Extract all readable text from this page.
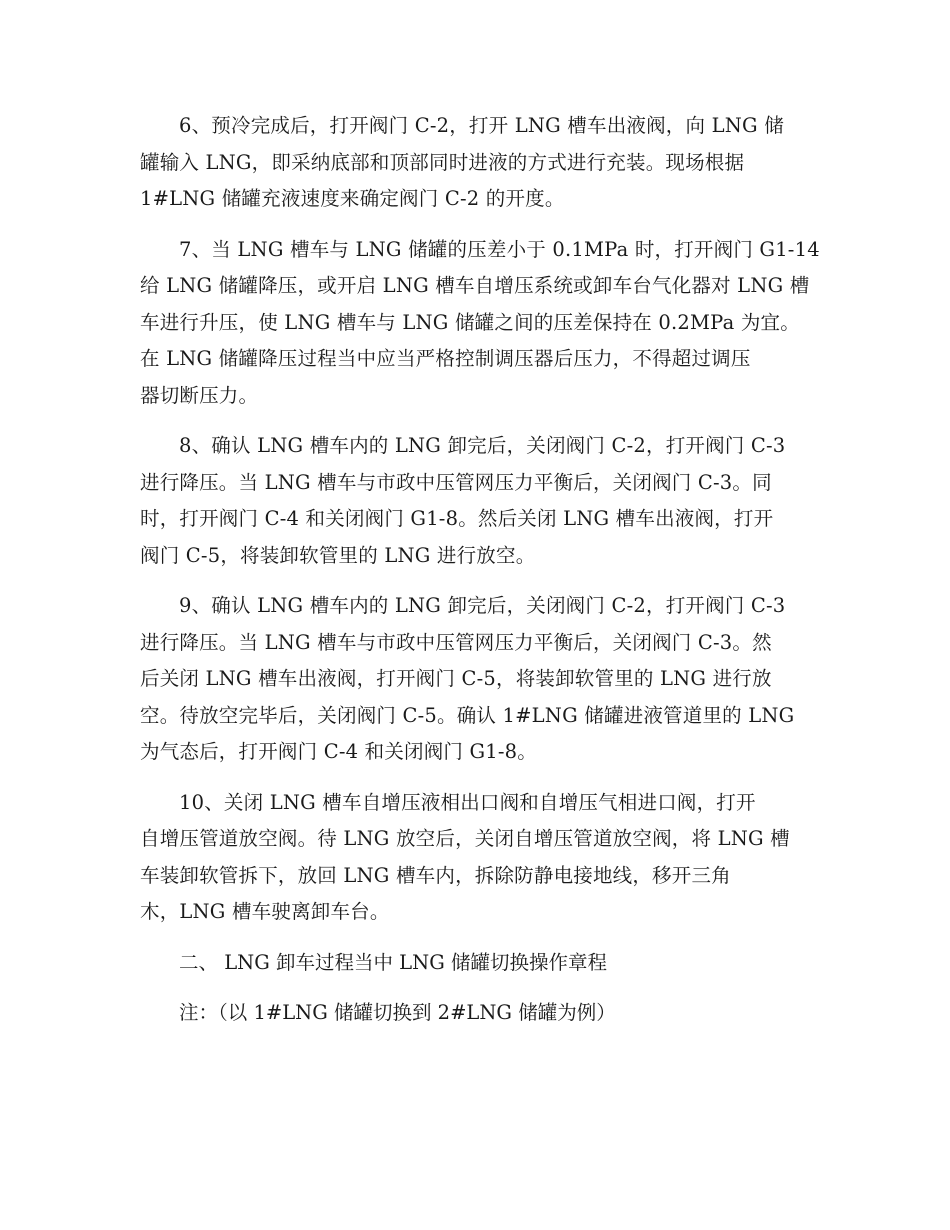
6、预冷完成后，打开阀门 C-2，打开 LNG 槽车出液阀，向 LNG 储
罐输入 LNG，即采纳底部和顶部同时进液的方式进行充装。现场根据
1#LNG 储罐充液速度来确定阀门 C-2 的开度。

7、当 LNG 槽车与 LNG 储罐的压差小于 0.1MPa 时，打开阀门 G1-14
给 LNG 储罐降压，或开启 LNG 槽车自增压系统或卸车台气化器对 LNG 槽
车进行升压，使 LNG 槽车与 LNG 储罐之间的压差保持在 0.2MPa 为宜。
在 LNG 储罐降压过程当中应当严格控制调压器后压力，不得超过调压
器切断压力。

8、确认 LNG 槽车内的 LNG 卸完后，关闭阀门 C-2，打开阀门 C-3
进行降压。当 LNG 槽车与市政中压管网压力平衡后，关闭阀门 C-3。同
时，打开阀门 C-4 和关闭阀门 G1-8。然后关闭 LNG 槽车出液阀，打开
阀门 C-5，将装卸软管里的 LNG 进行放空。

9、确认 LNG 槽车内的 LNG 卸完后，关闭阀门 C-2，打开阀门 C-3
进行降压。当 LNG 槽车与市政中压管网压力平衡后，关闭阀门 C-3。然
后关闭 LNG 槽车出液阀，打开阀门 C-5，将装卸软管里的 LNG 进行放
空。待放空完毕后，关闭阀门 C-5。确认 1#LNG 储罐进液管道里的 LNG
为气态后，打开阀门 C-4 和关闭阀门 G1-8。

10、关闭 LNG 槽车自增压液相出口阀和自增压气相进口阀，打开
自增压管道放空阀。待 LNG 放空后，关闭自增压管道放空阀，将 LNG 槽
车装卸软管拆下，放回 LNG 槽车内，拆除防静电接地线，移开三角
木，LNG 槽车驶离卸车台。

二、 LNG 卸车过程当中 LNG 储罐切换操作章程
注：（以 1#LNG 储罐切换到 2#LNG 储罐为例）
